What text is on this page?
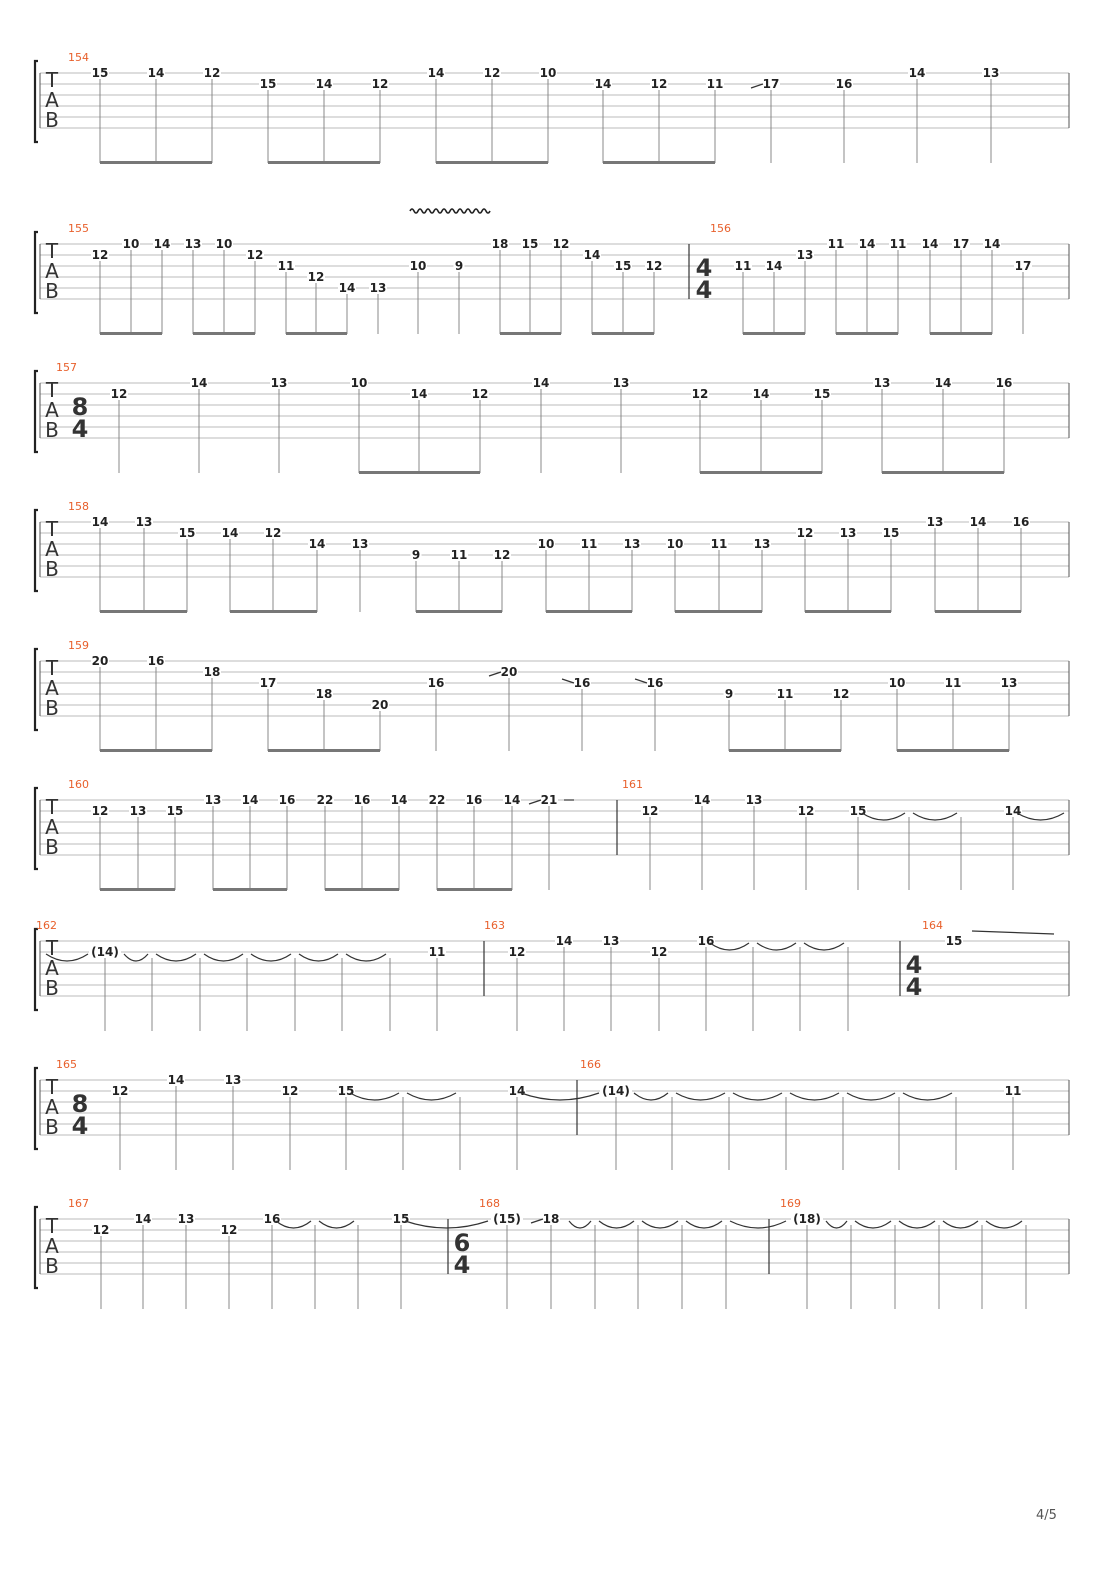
4/5
T
A
B
154
15	14	12
15	14	12
14	12	10
14	12	11	17	16
14	13
T
A
B
155	156
4
4
12
10 14 13 10
12
11
12
14 13
10 9
18 15 12
14
15 12	11 14
13
11 14 11 14 17 14
17
T
A
B
157
8
4
12
14	13	10
14	12
14	13
12	14	15
13	14	16
T
A
B
158
14 13
15 14 12
14 13
9	11 12
10 11 13 10 11 13
12 13 15
13 14 16
T
A
B
159
20	16
18
17
18
20
16
20
16	16
9	11	12
10	11	13
T
A
B
160	161
12 13 15
13 14 16 22 16 14 22 16 14 21
12
14	13
12	15	14
T
A
B
162	163	164
4
4
(14)	11	12
14	13
12
16	15
T
A
B
165	166
8
4
12
14	13
12	15	14	(14)	11
T
A
B
167	168	169
6
4
12
14 13
12
16	15	(15) 18	(18)
